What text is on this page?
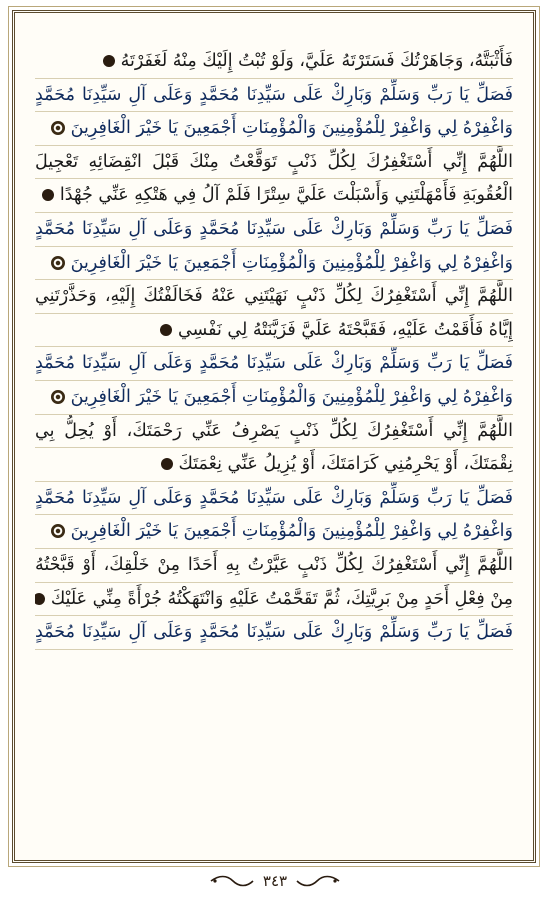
فَأَثْبَتَّهُ، وَجَاهَرْتُكَ فَسَتَرْتَهُ عَلَيَّ، وَلَوْ تُبْتُ إِلَيْكَ مِنْهُ لَغَفَرْتَهُ
فَصَلِّ يَا رَبِّ وَسَلِّمْ وَبَارِكْ عَلَى سَيِّدِنَا مُحَمَّدٍ وَعَلَى آلِ سَيِّدِنَا مُحَمَّدٍ
وَاغْفِرْهُ لِي وَاغْفِرْ لِلْمُؤْمِنِينَ وَالْمُؤْمِنَاتِ أَجْمَعِينَ يَا خَيْرَ الْغَافِرِينَ
اللَّهُمَّ إِنِّي أَسْتَغْفِرُكَ لِكُلِّ ذَنْبٍ تَوَقَّعْتُ مِنْكَ قَبْلَ انْقِضَائِهِ تَعْجِيلَ
الْعُقُوبَةِ فَأَمْهَلْتَنِي وَأَسْبَلْتَ عَلَيَّ سِتْرًا فَلَمْ آلُ فِي هَتْكِهِ عَنِّي جُهْدًا
فَصَلِّ يَا رَبِّ وَسَلِّمْ وَبَارِكْ عَلَى سَيِّدِنَا مُحَمَّدٍ وَعَلَى آلِ سَيِّدِنَا مُحَمَّدٍ
وَاغْفِرْهُ لِي وَاغْفِرْ لِلْمُؤْمِنِينَ وَالْمُؤْمِنَاتِ أَجْمَعِينَ يَا خَيْرَ الْغَافِرِينَ
اللَّهُمَّ إِنِّي أَسْتَغْفِرُكَ لِكُلِّ ذَنْبٍ نَهَيْتَنِي عَنْهُ فَخَالَفْتُكَ إِلَيْهِ، وَحَذَّرْتَنِي
إِيَّاهُ فَأَقَمْتُ عَلَيْهِ، فَقَبَّحْتَهُ عَلَيَّ فَزَيَّنَتْهُ لِي نَفْسِي
فَصَلِّ يَا رَبِّ وَسَلِّمْ وَبَارِكْ عَلَى سَيِّدِنَا مُحَمَّدٍ وَعَلَى آلِ سَيِّدِنَا مُحَمَّدٍ
وَاغْفِرْهُ لِي وَاغْفِرْ لِلْمُؤْمِنِينَ وَالْمُؤْمِنَاتِ أَجْمَعِينَ يَا خَيْرَ الْغَافِرِينَ
اللَّهُمَّ إِنِّي أَسْتَغْفِرُكَ لِكُلِّ ذَنْبٍ يَصْرِفُ عَنِّي رَحْمَتَكَ، أَوْ يُحِلُّ بِي
نِقْمَتَكَ، أَوْ يَحْرِمُنِي كَرَامَتَكَ، أَوْ يُزِيلُ عَنِّي نِعْمَتَكَ
فَصَلِّ يَا رَبِّ وَسَلِّمْ وَبَارِكْ عَلَى سَيِّدِنَا مُحَمَّدٍ وَعَلَى آلِ سَيِّدِنَا مُحَمَّدٍ
وَاغْفِرْهُ لِي وَاغْفِرْ لِلْمُؤْمِنِينَ وَالْمُؤْمِنَاتِ أَجْمَعِينَ يَا خَيْرَ الْغَافِرِينَ
اللَّهُمَّ إِنِّي أَسْتَغْفِرُكَ لِكُلِّ ذَنْبٍ عَيَّرْتُ بِهِ أَحَدًا مِنْ خَلْقِكَ، أَوْ قَبَّحْتُهُ
مِنْ فِعْلِ أَحَدٍ مِنْ بَرِيَّتِكَ، ثُمَّ تَقَحَّمْتُ عَلَيْهِ وَانْتَهَكْتُهُ جُرْأَةً مِنِّي عَلَيْكَ
فَصَلِّ يَا رَبِّ وَسَلِّمْ وَبَارِكْ عَلَى سَيِّدِنَا مُحَمَّدٍ وَعَلَى آلِ سَيِّدِنَا مُحَمَّدٍ
٣٤٣
